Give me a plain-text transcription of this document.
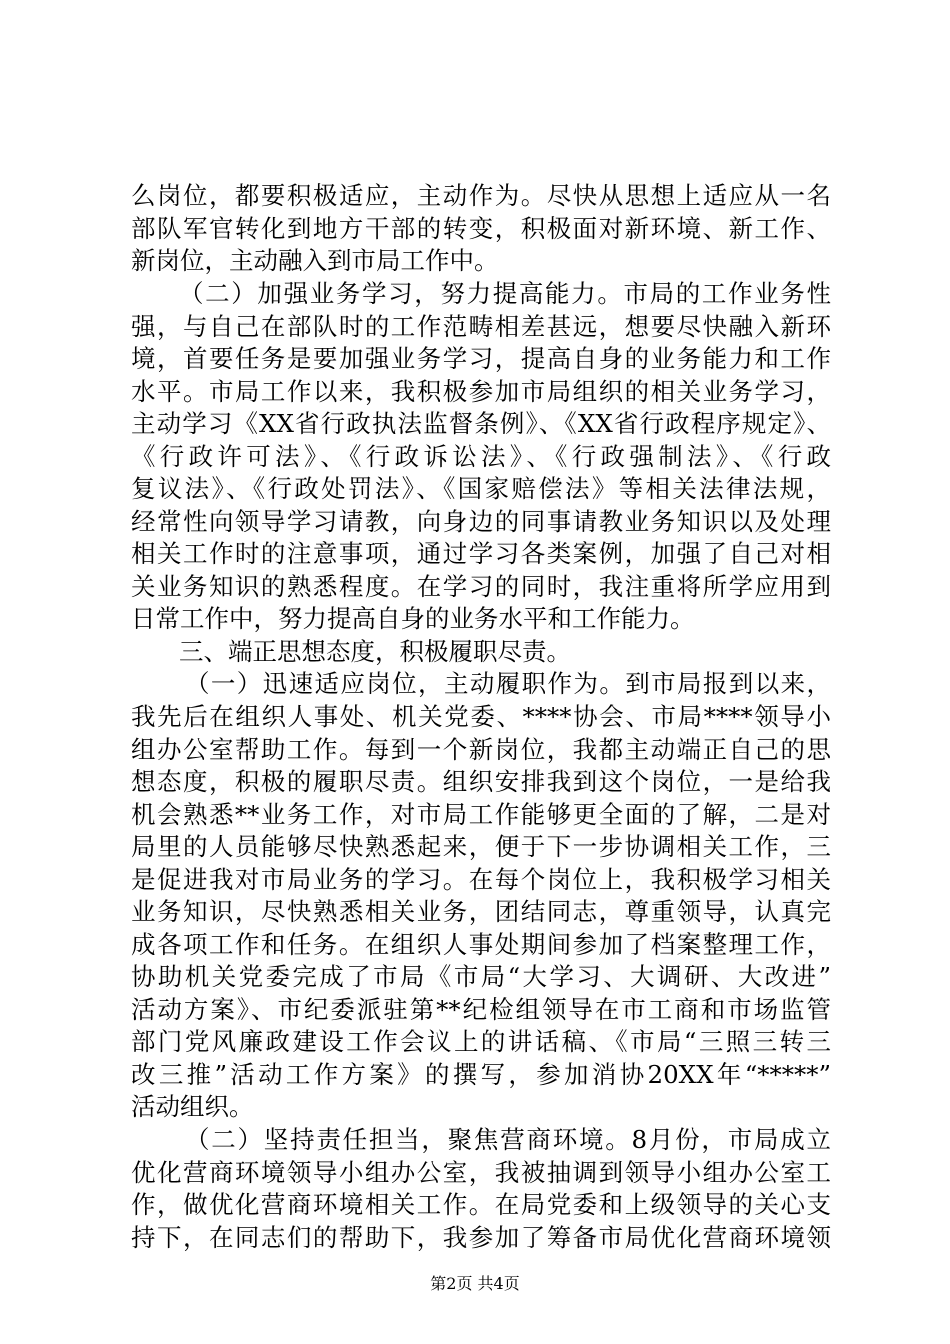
么岗位，都要积极适应，主动作为。尽快从思想上适应从一名
部队军官转化到地方干部的转变，积极面对新环境、新工作、
新岗位，主动融入到市局工作中。
（二）加强业务学习，努力提高能力。市局的工作业务性
强，与自己在部队时的工作范畴相差甚远，想要尽快融入新环
境，首要任务是要加强业务学习，提高自身的业务能力和工作
水平。市局工作以来，我积极参加市局组织的相关业务学习，
主动学习《XX省行政执法监督条例》、《XX省行政程序规定》、
《行政许可法》、《行政诉讼法》、《行政强制法》、《行政
复议法》、《行政处罚法》、《国家赔偿法》等相关法律法规，
经常性向领导学习请教，向身边的同事请教业务知识以及处理
相关工作时的注意事项，通过学习各类案例，加强了自己对相
关业务知识的熟悉程度。在学习的同时，我注重将所学应用到
日常工作中，努力提高自身的业务水平和工作能力。
三、端正思想态度，积极履职尽责。
（一）迅速适应岗位，主动履职作为。到市局报到以来，
我先后在组织人事处、机关党委、****协会、市局****领导小
组办公室帮助工作。每到一个新岗位，我都主动端正自己的思
想态度，积极的履职尽责。组织安排我到这个岗位，一是给我
机会熟悉**业务工作，对市局工作能够更全面的了解，二是对
局里的人员能够尽快熟悉起来，便于下一步协调相关工作，三
是促进我对市局业务的学习。在每个岗位上，我积极学习相关
业务知识，尽快熟悉相关业务，团结同志，尊重领导，认真完
成各项工作和任务。在组织人事处期间参加了档案整理工作，
协助机关党委完成了市局《市局“大学习、大调研、大改进”
活动方案》、市纪委派驻第**纪检组领导在市工商和市场监管
部门党风廉政建设工作会议上的讲话稿、《市局“三照三转三
改三推”活动工作方案》的撰写，参加消协20XX年“*****”
活动组织。
（二）坚持责任担当，聚焦营商环境。8月份，市局成立
优化营商环境领导小组办公室，我被抽调到领导小组办公室工
作，做优化营商环境相关工作。在局党委和上级领导的关心支
持下，在同志们的帮助下，我参加了筹备市局优化营商环境领
第2页 共4页
